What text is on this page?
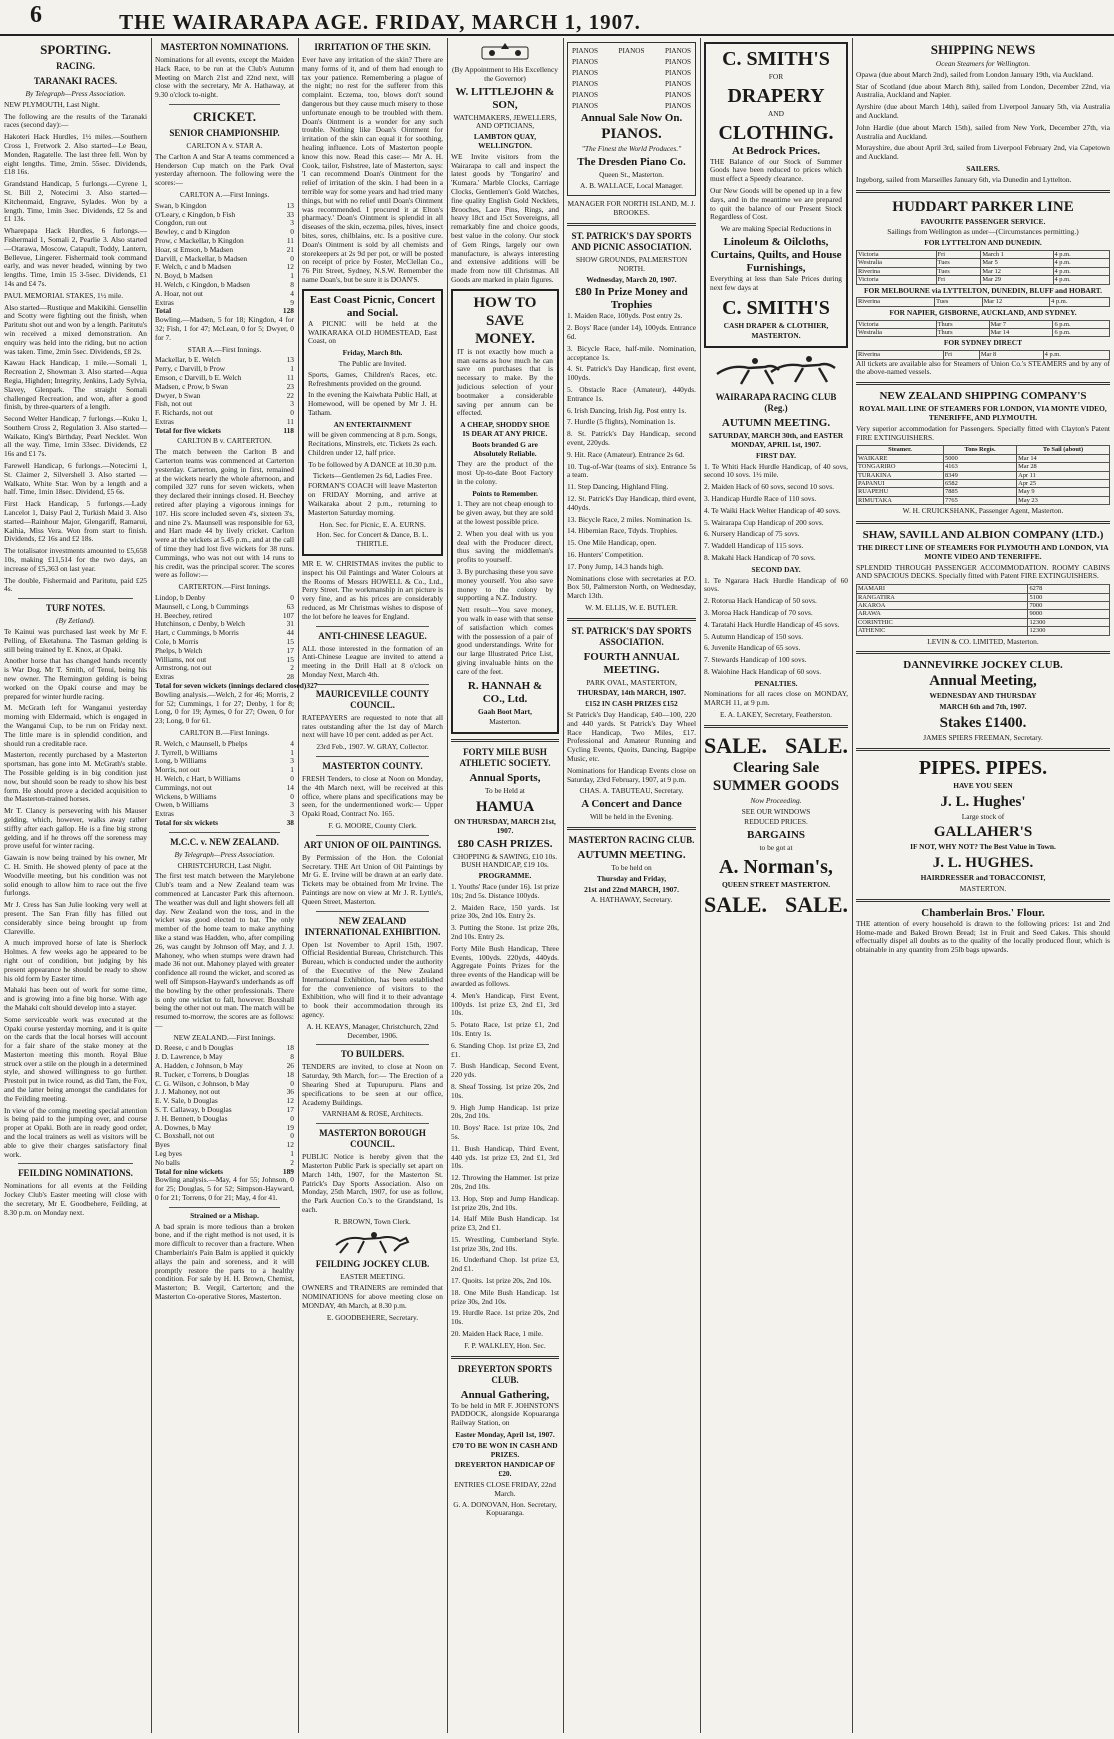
6	THE WAIRARAPA AGE. FRIDAY, MARCH 1, 1907.
SPORTING.
RACING.
TARANAKI RACES.
By Telegraph—Press Association.

NEW PLYMOUTH, Last Night.

The following are the results of the Taranaki races (second day):—

Hakoteri Hack Hurdles, 1½ miles.—Southern Cross 1, Fretwork 2. Also started—Le Beau, Monden, Ragatelle. The last three fell. Won by eight lengths. Time, 2min. 55sec. Dividends, £18 16s.

Grandstand Handicap, 5 furlongs.—Cyrene 1, St. Bill 2, Notecirni 3. Also started—Kitchenmaid, Engrave, Sylades. Won by a length. Time, 1min 3sec. Dividends, £2 5s and £1 13s.

Wharepapa Hack Hurdles, 6 furlongs.—Fishermaid 1, Somali 2, Pearlie 3. Also started—Otarawa, Moscow, Catapult, Toddy, Lantern, Bellevue, Lingerer. Fishermaid took command early, and was never headed, winning by two lengths. Time, 1min 15 3-5sec. Dividends, £1 14s and £4 7s.

PAUL MEMORIAL STAKES, 1½ mile.

Also started—Rustique and Makikihi. Gensellin and Scotty were fighting out the finish, when Paritutu shot out and won by a length. Paritutu's win received a mixed demonstration. An enquiry was held into the riding, but no action was taken. Time, 2min 5sec. Dividends, £8 2s.

Kawau Hack Handicap, 1 mile.—Somali 1, Recreation 2, Showman 3. Also started—Aqua Regia, Highden; Integrity, Jenkins, Lady Sylvia, Slavey, Glenpark. The straight Somali challenged Recreation, and won, after a good finish, by three-quarters of a length.

Second Welter Handicap, 7 furlongs.—Kuku 1, Southern Cross 2, Regulation 3. Also started—Waikato, King's Birthday, Pearl Necklet. Won all the way. Time, 1min 33sec. Dividends, £2 16s and £1 7s.

Farewell Handicap, 6 furlongs.—Notecirni 1, St. Claimer 2, Silvershell 3. Also started — Walkato, White Star. Won by a length and a half. Time, 1min 18sec. Dividend, £5 6s.

First Hack Handicap, 5 furlongs.—Lady Lancelot 1, Daisy Paul 2, Turkish Maid 3. Also started—Rainhour Major, Glengariff, Ramarui, Kaihia, Miss Vera. Won from start to finish. Dividends, £2 16s and £2 18s.

The totalisator investments amounted to £5,658 10s, making £11,514 for the two days, an increase of £5,363 on last year.

The double, Fishermaid and Paritutu, paid £25 4s.

TURF NOTES.
(By Zetland).

Te Kainui was purchased last week by Mr F. Pelling, of Eketahuna. The Tasman gelding is still being trained by E. Knox, at Opaki.

Another horse that has changed hands recently is War Dog. Mr T. Smith, of Tenui, being his new owner. The Remington gelding is being worked on the Opaki course and may be prepared for winter hurdle racing.

M. McGrath left for Wanganui yesterday morning with Eldermaid, which is engaged in the Wanganui Cup, to be run on Friday next. The little mare is in splendid condition, and should run a creditable race.

Masterton, recently purchased by a Masterton sportsman, has gone into M. McGrath's stable. The Possible gelding is in big condition just now, but should soon be ready to show his best form. He should prove a decided acquisition to the Masterton-trained horses.

Mr T. Clancy is persevering with his Mauser gelding, which, however, walks away rather stiffly after each gallop. He is a fine big strong gelding, and if he throws off the soreness may prove useful for winter racing.

Gawain is now being trained by his owner, Mr C. H. Smith. He showed plenty of pace at the Woodville meeting, but his condition was not solid enough to allow him to race out the five furlongs.

Mr J. Cress has San Julie looking very well at present. The San Fran filly has filled out considerably since being brought up from Clareville.

A much improved horse of late is Sherlock Holmes. A few weeks ago he appeared to be right out of condition, but judging by his present appearance he should be ready to show his old form by Easter time.

Mahaki has been out of work for some time, and is growing into a fine big horse. With age the Mahaki colt should develop into a stayer.

Some serviceable work was executed at the Opaki course yesterday morning, and it is quite on the cards that the local horses will account for a fair share of the stake money at the Masterton meeting this month. Royal Blue struck over a stile on the plough in a determined style, and showed willingness to go further. Prestoit put in twice round, as did Tam, the Fox, and the latter being amongst the candidates for the Feilding meeting.

In view of the coming meeting special attention is being paid to the jumping over, and course proper at Opaki. Both are in ready good order, and the local trainers as well as visitors will be able to give their charges satisfactory final work.

FEILDING NOMINATIONS.

Nominations for all events at the Feilding Jockey Club's Easter meeting will close with the secretary, Mr E. Goodbehere, Feilding, at 8.30 p.m. on Monday next.

MASTERTON NOMINATIONS.

Nominations for all events, except the Maiden Hack Race, to be run at the Club's Autumn Meeting on March 21st and 22nd next, will close with the secretary, Mr A. Hathaway, at 9.30 o'clock to-night.

CRICKET.
SENIOR CHAMPIONSHIP.
CARLTON A v. STAR A.

The Carlton A and Star A teams commenced a Henderson Cup match on the Park Oval yesterday afternoon. The following were the scores:—

CARLTON A.—First Innings.
Swan, b Kingdon	13
O'Leary, c Kingdon, b Fish	33
Congdon, run out	3
Bewley, c and b Kingdon	0
Prow, c Mackellar, b Kingdon	11
Hoar, st Emson, b Madsen	21
Darvill, c Mackellar, b Madsen	0
F. Welch, c and b Madsen	12
N. Boyd, b Madsen	1
H. Welch, c Kingdon, b Madsen	8
A. Hoar, not out	4
Extras	9
Total	128

Bowling.—Madsen, 5 for 18; Kingdon, 4 for 32; Fish, 1 for 47; McLean, 0 for 5; Dwyer, 0 for 7.

STAR A.—First Innings.
Mackellar, b E. Welch	13
Perry, c Darvill, b Prow	1
Emson, c Darvill, b E. Welch	11
Madsen, c Prow, b Swan	23
Dwyer, b Swan	22
Fish, not out	3
F. Richards, not out	0
Extras	11
Total for five wickets	118
CARLTON B v. CARTERTON.

The match between the Carlton B and Carterton teams was commenced at Carterton yesterday. Carterton, going in first, remained at the wickets nearly the whole afternoon, and compiled 327 runs for seven wickets, when they declared their innings closed. H. Beechey retired after playing a vigorous innings for 107. His score included seven 4's, sixteen 3's, and nine 2's. Maunsell was responsible for 63, and Hart made 44 by lively cricket. Carlton were at the wickets at 5.45 p.m., and at the call of time they had lost five wickets for 38 runs. Cummings, who was not out with 14 runs to his credit, was the principal scorer. The scores were as follow:—

CARTERTON.—First Innings.
Lindop, b Denby	0
Maunsell, c Long, b Cummings	63
H. Beechey, retired	107
Hutchinson, c Denby, b Welch	31
Hart, c Cummings, b Morris	44
Cole, b Morris	15
Phelps, b Welch	17
Williams, not out	15
Armstrong, not out	2
Extras	28
Total for seven wickets (innings declared closed) 327

Bowling analysis.—Welch, 2 for 46; Morris, 2 for 52; Cummings, 1 for 27; Denby, 1 for 8; Long, 0 for 19; Aymes, 0 for 27; Owen, 0 for 23; Long, 0 for 61.

CARLTON B.—First Innings.
R. Welch, c Maunsell, b Phelps	4
J. Tyrrell, b Williams	1
Long, b Williams	3
Morris, not out	1
H. Welch, c Hart, b Williams	0
Cummings, not out	14
Wickens, b Williams	0
Owen, b Williams	3
Extras	3
Total for six wickets	38
M.C.C. v. NEW ZEALAND.
By Telegraph—Press Association.
CHRISTCHURCH, Last Night.

The first test match between the Marylebone Club's team and a New Zealand team was commenced at Lancaster Park this afternoon. The weather was dull and light showers fell all day. New Zealand won the toss, and in the wicket was good elected to bat. The only member of the home team to make anything like a stand was Hadden, who, after compiling 26, was caught by Johnson off May, and J. J. Mahoney, who when stumps were drawn had made 36 not out. Mahoney played with greater confidence all round the wicket, and scored as well off Simpson-Hayward's underhands as off the bowling by the other professionals. There is only one wicket to fall, however. Boxshall being the other not out man. The match will be resumed to-morrow, the scores are as follows:—

NEW ZEALAND.—First Innings.
D. Reese, c and b Douglas	18
J. D. Lawrence, b May	8
A. Hadden, c Johnson, b May	26
R. Tucker, c Torrens, b Douglas	18
C. G. Wilson, c Johnson, b May	0
J. J. Mahoney, not out	36
E. V. Sale, b Douglas	12
S. T. Callaway, b Douglas	17
J. H. Bennett, b Douglas	0
A. Downes, b May	19
C. Boxshall, not out	0
Byes	12
Leg byes	1
No balls	2
Total for nine wickets	189

Bowling analysis.—May, 4 for 55; Johnson, 0 for 25; Douglas, 5 for 52; Simpson-Hayward, 0 for 21; Torrens, 0 for 21; May, 4 for 41.

Strained or a Mishap.

A bad sprain is more tedious than a broken bone, and if the right method is not used, it is more difficult to recover than a fracture. When Chamberlain's Pain Balm is applied it quickly allays the pain and soreness, and it will promptly restore the parts to a healthy condition. For sale by H. H. Brown, Chemist, Masterton; B. Vergil, Carterton; and the Masterton Co-operative Stores, Masterton.

IRRITATION OF THE SKIN.

Ever have any irritation of the skin? There are many forms of it, and of them had enough to tax your patience. Remembering a plague of the night; no rest for the sufferer from this complaint. Eczema, too, blows don't sound dangerous but they cause much misery to those unfortunate enough to be troubled with them. Doan's Ointment is a wonder for any such trouble. Nothing like Doan's Ointment for irritation of the skin can equal it for soothing, healing influence. Lots of Masterton people know this now. Read this case:— Mr A. H. Cook, tailor, Fishstree, late of Masterton, says: 'I can recommend Doan's Ointment for the relief of irritation of the skin. I had been in a terrible way for some years and had tried many things, but with no relief until Doan's Ointment was recommended. I procured it at Elton's pharmacy.' Doan's Ointment is splendid in all diseases of the skin, eczema, piles, hives, insect bites, sores, chilblains, etc. Is a positive cure. Doan's Ointment is sold by all chemists and storekeepers at 2s 9d per pot, or will be posted on receipt of price by Foster, McClellan Co., 76 Pitt Street, Sydney, N.S.W. Remember the name Doan's, but be sure it is DOAN'S.

East Coast Picnic, Concert and Social.

A PICNIC will be held at the WAIKARAKA OLD HOMESTEAD, East Coast, on

Friday, March 8th.
The Public are Invited.

Sports, Games, Children's Races, etc. Refreshments provided on the ground.

In the evening the Kaiwhata Public Hall, at Homewood, will be opened by Mr J. H. Tatham.

AN ENTERTAINMENT

will be given commencing at 8 p.m. Songs, Recitations, Minstrels, etc. Tickets 2s each. Children under 12, half price.

To be followed by A DANCE at 10.30 p.m.
Tickets—Gentlemen 2s 6d, Ladies Free.

FORMAN'S COACH will leave Masterton on FRIDAY Morning, and arrive at Waikaraka about 2 p.m., returning to Masterton Saturday morning.

Hon. Sec. for Picnic, E. A. EURNS.
Hon. Sec. for Concert & Dance, B. L. THIRTLE.

MR E. W. CHRISTMAS invites the public to inspect his Oil Paintings and Water Colours at the Rooms of Messrs HOWELL & Co., Ltd., Perry Street. The workmanship in art picture is very fine, and as his prices are considerably reduced, as Mr Christmas wishes to dispose of the lot before he leaves for England.

ANTI-CHINESE LEAGUE.

ALL those interested in the formation of an Anti-Chinese League are invited to attend a meeting in the Drill Hall at 8 o'clock on Monday Next, March 4th.

MAURICEVILLE COUNTY COUNCIL.

RATEPAYERS are requested to note that all rates outstanding after the 1st day of March next will have 10 per cent. added as per Act.

23rd Feb., 1907. W. GRAY, Collector.
MASTERTON COUNTY.

FRESH Tenders, to close at Noon on Monday, the 4th March next, will be received at this office, where plans and specifications may be seen, for the undermentioned work:— Upper Opaki Road, Contract No. 165.

F. G. MOORE, County Clerk.
ART UNION OF OIL PAINTINGS.

By Permission of the Hon. the Colonial Secretary. THE Art Union of Oil Paintings by Mr G. E. Irvine will be drawn at an early date. Tickets may be obtained from Mr Irvine. The Paintings are now on view at Mr J. R. Lyttle's, Queen Street, Masterton.

NEW ZEALAND INTERNATIONAL EXHIBITION.

Open 1st November to April 15th, 1907. Official Residential Bureau, Christchurch. This Bureau, which is conducted under the authority of the Executive of the New Zealand International Exhibition, has been established for the convenience of visitors to the Exhibition, who will find it to their advantage to book their accommodation through its agency.

A. H. KEAYS, Manager, Christchurch, 22nd December, 1906.
TO BUILDERS.

TENDERS are invited, to close at Noon on Saturday, 9th March, for:— The Erection of a Shearing Shed at Tupurupuru. Plans and specifications to be seen at our office, Academy Buildings.

VARNHAM & ROSE, Architects.
MASTERTON BOROUGH COUNCIL.

PUBLIC Notice is hereby given that the Masterton Public Park is specially set apart on March 14th, 1907, for the Masterton St. Patrick's Day Sports Association. Also on Monday, 25th March, 1907, for use as follow, the Park Auction Co.'s to the Grandstand, 1s each.

R. BROWN, Town Clerk.
FEILDING JOCKEY CLUB.
EASTER MEETING.

OWNERS and TRAINERS are reminded that NOMINATIONS for above meeting close on MONDAY, 4th March, at 8.30 p.m.

E. GOODBEHERE, Secretary.
(By Appointment to His Excellency the Governor)
W. LITTLEJOHN & SON,
WATCHMAKERS, JEWELLERS, AND OPTICIANS,
LAMBTON QUAY, WELLINGTON.

WE Invite visitors from the Wairarapa to call and inspect the latest goods by 'Tongariro' and 'Kumara.' Marble Clocks, Carriage Clocks, Gentlemen's Gold Watches, fine quality English Gold Necklets, Brooches, Lace Pins, Rings, and heavy 18ct and 15ct Sovereigns, all remarkably fine and choice goods, best value in the colony. Our stock of Gem Rings, largely our own manufacture, is always interesting and extensive additions will be made from now till Christmas. All Goods are marked in plain figures.

HOW TO SAVE MONEY.

IT is not exactly how much a man earns as how much he can save on purchases that is necessary to make. By the judicious selection of your bootmaker a considerable saving per annum can be effected.

A CHEAP, SHODDY SHOE IS DEAR AT ANY PRICE.
Boots branded G are Absolutely Reliable.

They are the product of the most Up-to-date Boot Factory in the colony.

Points to Remember.

1. They are not cheap enough to be given away, but they are sold at the lowest possible price.

2. When you deal with us you deal with the Producer direct, thus saving the middleman's profits to yourself.

3. By purchasing these you save money yourself. You also save money to the colony by supporting a N.Z. Industry.

Nett result—You save money, you walk in ease with that sense of satisfaction which comes with the possession of a pair of good understandings. Write for our large Illustrated Price List, giving invaluable hints on the care of the feet.

R. HANNAH & CO., Ltd.
Gaah Boot Mart,
Masterton.
FORTY MILE BUSH ATHLETIC SOCIETY.
Annual Sports,
To be Held at
HAMUA
ON THURSDAY, MARCH 21st, 1907.
£80 CASH PRIZES.
CHOPPING & SAWING, £10 10s. BUSH HANDICAP, £19 10s.
PROGRAMME.

1. Youths' Race (under 16). 1st prize 10s; 2nd 5s. Distance 100yds.

2. Maiden Race, 150 yards. 1st prize 30s, 2nd 10s. Entry 2s.

3. Putting the Stone. 1st prize 20s, 2nd 10s. Entry 2s.

Forty Mile Bush Handicap, Three Events, 100yds. 220yds, 440yds. Aggregate Points Prizes for the three events of the Handicap will be awarded as follows.

4. Men's Handicap, First Event, 100yds. 1st prize £3, 2nd £1, 3rd 10s.

5. Potato Race, 1st prize £1, 2nd 10s. Entry 1s.

6. Standing Chop. 1st prize £3, 2nd £1.

7. Bush Handicap, Second Event, 220 yds.

8. Sheaf Tossing. 1st prize 20s, 2nd 10s.

9. High Jump Handicap. 1st prize 20s, 2nd 10s.

10. Boys' Race. 1st prize 10s, 2nd 5s.

11. Bush Handicap, Third Event, 440 yds. 1st prize £3, 2nd £1, 3rd 10s.

12. Throwing the Hammer. 1st prize 20s, 2nd 10s.

13. Hop, Step and Jump Handicap. 1st prize 20s, 2nd 10s.

14. Half Mile Bush Handicap. 1st prize £3, 2nd £1.

15. Wrestling, Cumberland Style. 1st prize 30s, 2nd 10s.

16. Underhand Chop. 1st prize £3, 2nd £1.

17. Quoits. 1st prize 20s, 2nd 10s.

18. One Mile Bush Handicap. 1st prize 30s, 2nd 10s.

19. Hurdle Race. 1st prize 20s, 2nd 10s.

20. Maiden Hack Race, 1 mile.

F. P. WALKLEY, Hon. Sec.
DREYERTON SPORTS CLUB.
Annual Gathering,

To be held in MR F. JOHNSTON'S PADDOCK, alongside Kopuaranga Railway Station, on

Easter Monday, April 1st, 1907.
£70 TO BE WON IN CASH AND PRIZES.
DREYERTON HANDICAP OF £20.
ENTRIES CLOSE FRIDAY, 22nd March.
G. A. DONOVAN, Hon. Secretary, Kopuaranga.
PIANOS	PIANOS	PIANOS
PIANOS	PIANOS
PIANOS	PIANOS
PIANOS	PIANOS
PIANOS	PIANOS
PIANOS	PIANOS
Annual Sale Now On.
PIANOS.
"The Finest the World Produces."
The Dresden Piano Co.
Queen St., Masterton.
A. B. WALLACE, Local Manager.
MANAGER FOR NORTH ISLAND, M. J. BROOKES.
ST. PATRICK'S DAY SPORTS AND PICNIC ASSOCIATION.
SHOW GROUNDS, PALMERSTON NORTH.
Wednesday, March 20, 1907.
£80 In Prize Money and Trophies

1. Maiden Race, 100yds. Post entry 2s.

2. Boys' Race (under 14), 100yds. Entrance 6d.

3. Bicycle Race, half-mile. Nomination, acceptance 1s.

4. St. Patrick's Day Handicap, first event, 100yds.

5. Obstacle Race (Amateur), 440yds. Entrance 1s.

6. Irish Dancing, Irish Jig. Post entry 1s.

7. Hurdle (5 flights), Nomination 1s.

8. St. Patrick's Day Handicap, second event, 220yds.

9. Hit. Race (Amateur). Entrance 2s 6d.

10. Tug-of-War (teams of six). Entrance 5s a team.

11. Step Dancing, Highland Fling.

12. St. Patrick's Day Handicap, third event, 440yds.

13. Bicycle Race, 2 miles. Nomination 1s.

14. Hibernian Race, Tdyds. Trophies.

15. One Mile Handicap, open.

16. Hunters' Competition.

17. Pony Jump, 14.3 hands high.

Nominations close with secretaries at P.O. Box 50, Palmerston North, on Wednesday, March 13th.

W. M. ELLIS, W. E. BUTLER.
ST. PATRICK'S DAY SPORTS ASSOCIATION.
FOURTH ANNUAL MEETING.
PARK OVAL, MASTERTON,
THURSDAY, 14th MARCH, 1907.
£152 IN CASH PRIZES £152

St Patrick's Day Handicap, £40—100, 220 and 440 yards. St Patrick's Day Wheel Race Handicap, Two Miles, £17. Professional and Amateur Running and Cycling Events, Quoits, Dancing, Bagpipe Music, etc.

Nominations for Handicap Events close on Saturday, 23rd February, 1907, at 9 p.m.

CHAS. A. TABUTEAU, Secretary.
A Concert and Dance
Will be held in the Evening.
MASTERTON RACING CLUB.
AUTUMN MEETING.
To be held on
Thursday and Friday,
21st and 22nd MARCH, 1907.
A. HATHAWAY, Secretary.
C. SMITH'S
FOR
DRAPERY
AND
CLOTHING.
At Bedrock Prices.

THE Balance of our Stock of Summer Goods have been reduced to prices which must effect a Speedy clearance.

Our New Goods will be opened up in a few days, and in the meantime we are prepared to quit the balance of our Present Stock Regardless of Cost.

We are making Special Reductions in
Linoleum & Oilcloths, Curtains, Quilts, and House Furnishings,

Everything at less than Sale Prices during next few days at

C. SMITH'S
CASH DRAPER & CLOTHIER,
MASTERTON.
WAIRARAPA RACING CLUB (Reg.)
AUTUMN MEETING.
SATURDAY, MARCH 30th, and EASTER MONDAY, APRIL 1st, 1907.
FIRST DAY.

1. Te Whiti Hack Hurdle Handicap, of 40 sovs, second 10 sovs. 1½ mile.

2. Maiden Hack of 60 sovs, second 10 sovs.

3. Handicap Hurdle Race of 110 sovs.

4. Te Waiki Hack Welter Handicap of 40 sovs.

5. Wairarapa Cup Handicap of 200 sovs.

6. Nursery Handicap of 75 sovs.

7. Waddell Handicap of 115 sovs.

8. Makahi Hack Handicap of 70 sovs.

SECOND DAY.

1. Te Ngarara Hack Hurdle Handicap of 60 sovs.

2. Rotorua Hack Handicap of 50 sovs.

3. Moroa Hack Handicap of 70 sovs.

4. Taratahi Hack Hurdle Handicap of 45 sovs.

5. Autumn Handicap of 150 sovs.

6. Juvenile Handicap of 65 sovs.

7. Stewards Handicap of 100 sovs.

8. Waiohine Hack Handicap of 60 sovs.

PENALTIES.

Nominations for all races close on MONDAY, MARCH 11, at 9 p.m.

E. A. LAKEY, Secretary, Featherston.
SALE. SALE.
Clearing Sale
SUMMER GOODS
Now Proceeding.
SEE OUR WINDOWS
REDUCED PRICES.
BARGAINS
to be got at
A. Norman's,
QUEEN STREET MASTERTON.
SALE. SALE.
SHIPPING NEWS
Ocean Steamers for Wellington.

Opawa (due about March 2nd), sailed from London January 19th, via Auckland.

Star of Scotland (due about March 8th), sailed from London, December 22nd, via Australia, Auckland and Napier.

Ayrshire (due about March 14th), sailed from Liverpool January 5th, via Australia and Auckland.

John Hardie (due about March 15th), sailed from New York, December 27th, via Australia and Auckland.

Morayshire, due about April 3rd, sailed from Liverpool February 2nd, via Capetown and Auckland.

SAILERS.

Ingeborg, sailed from Marseilles January 6th, via Dunedin and Lyttelton.

HUDDART PARKER LINE
FAVOURITE PASSENGER SERVICE.
Sailings from Wellington as under—(Circumstances permitting.)
FOR LYTTELTON AND DUNEDIN.
Victoria	Fri	March 1	4 p.m.
Westralia	Tues	Mar 5	4 p.m.
Riverina	Tues	Mar 12	4 p.m.
Victoria	Fri	Mar 29	4 p.m.
FOR MELBOURNE via LYTTELTON, DUNEDIN, BLUFF and HOBART.
Riverina	Tues	Mar 12	4 p.m.
FOR NAPIER, GISBORNE, AUCKLAND, AND SYDNEY.
Victoria	Thurs	Mar 7	6 p.m.
Westralia	Thurs	Mar 14	6 p.m.
FOR SYDNEY DIRECT
Riverina	Fri	Mar 8	4 p.m.

All tickets are available also for Steamers of Union Co.'s STEAMERS and by any of the above-named vessels.

NEW ZEALAND SHIPPING COMPANY'S
ROYAL MAIL LINE OF STEAMERS FOR LONDON, VIA MONTE VIDEO, TENERIFFE, AND PLYMOUTH.

Very superior accommodation for Passengers. Specially fitted with Clayton's Patent FIRE EXTINGUISHERS.

Steamer.	Tons Regis.	To Sail (about)
WAIKARE	5000	Mar 14
TONGARIRO	4163	Mar 28
TURAKINA	8349	Apr 11
PAPANUI	6582	Apr 25
RUAPEHU	7885	May 9
RIMUTAKA	7765	May 23
W. H. CRUICKSHANK, Passenger Agent, Masterton.
SHAW, SAVILL AND ALBION COMPANY (LTD.)
THE DIRECT LINE OF STEAMERS FOR PLYMOUTH AND LONDON, VIA MONTE VIDEO AND TENERIFFE.

SPLENDID THROUGH PASSENGER ACCOMMODATION. ROOMY CABINS AND SPACIOUS DECKS. Specially fitted with Patent FIRE EXTINGUISHERS.

MAMARI	6278
RANGATIRA	5100
AKAROA	7000
ARAWA	9000
CORINTHIC	12300
ATHENIC	12300
LEVIN & CO. LIMITED, Masterton.
DANNEVIRKE JOCKEY CLUB.
Annual Meeting,
WEDNESDAY AND THURSDAY
MARCH 6th and 7th, 1907.
Stakes £1400.
JAMES SPIERS FREEMAN, Secretary.
PIPES. PIPES.
HAVE YOU SEEN
J. L. Hughes'
Large stock of
GALLAHER'S
IF NOT, WHY NOT? The Best Value in Town.
J. L. HUGHES.
HAIRDRESSER and TOBACCONIST,
MASTERTON.
Chamberlain Bros.' Flour.

THE attention of every household is drawn to the following prices: 1st and 2nd Home-made and Baked Brown Bread; 1st in Fruit and Seed Cakes. This should effectually dispel all doubts as to the quality of the locally produced flour, which is obtainable in any quantity from 25lb bags upwards.
